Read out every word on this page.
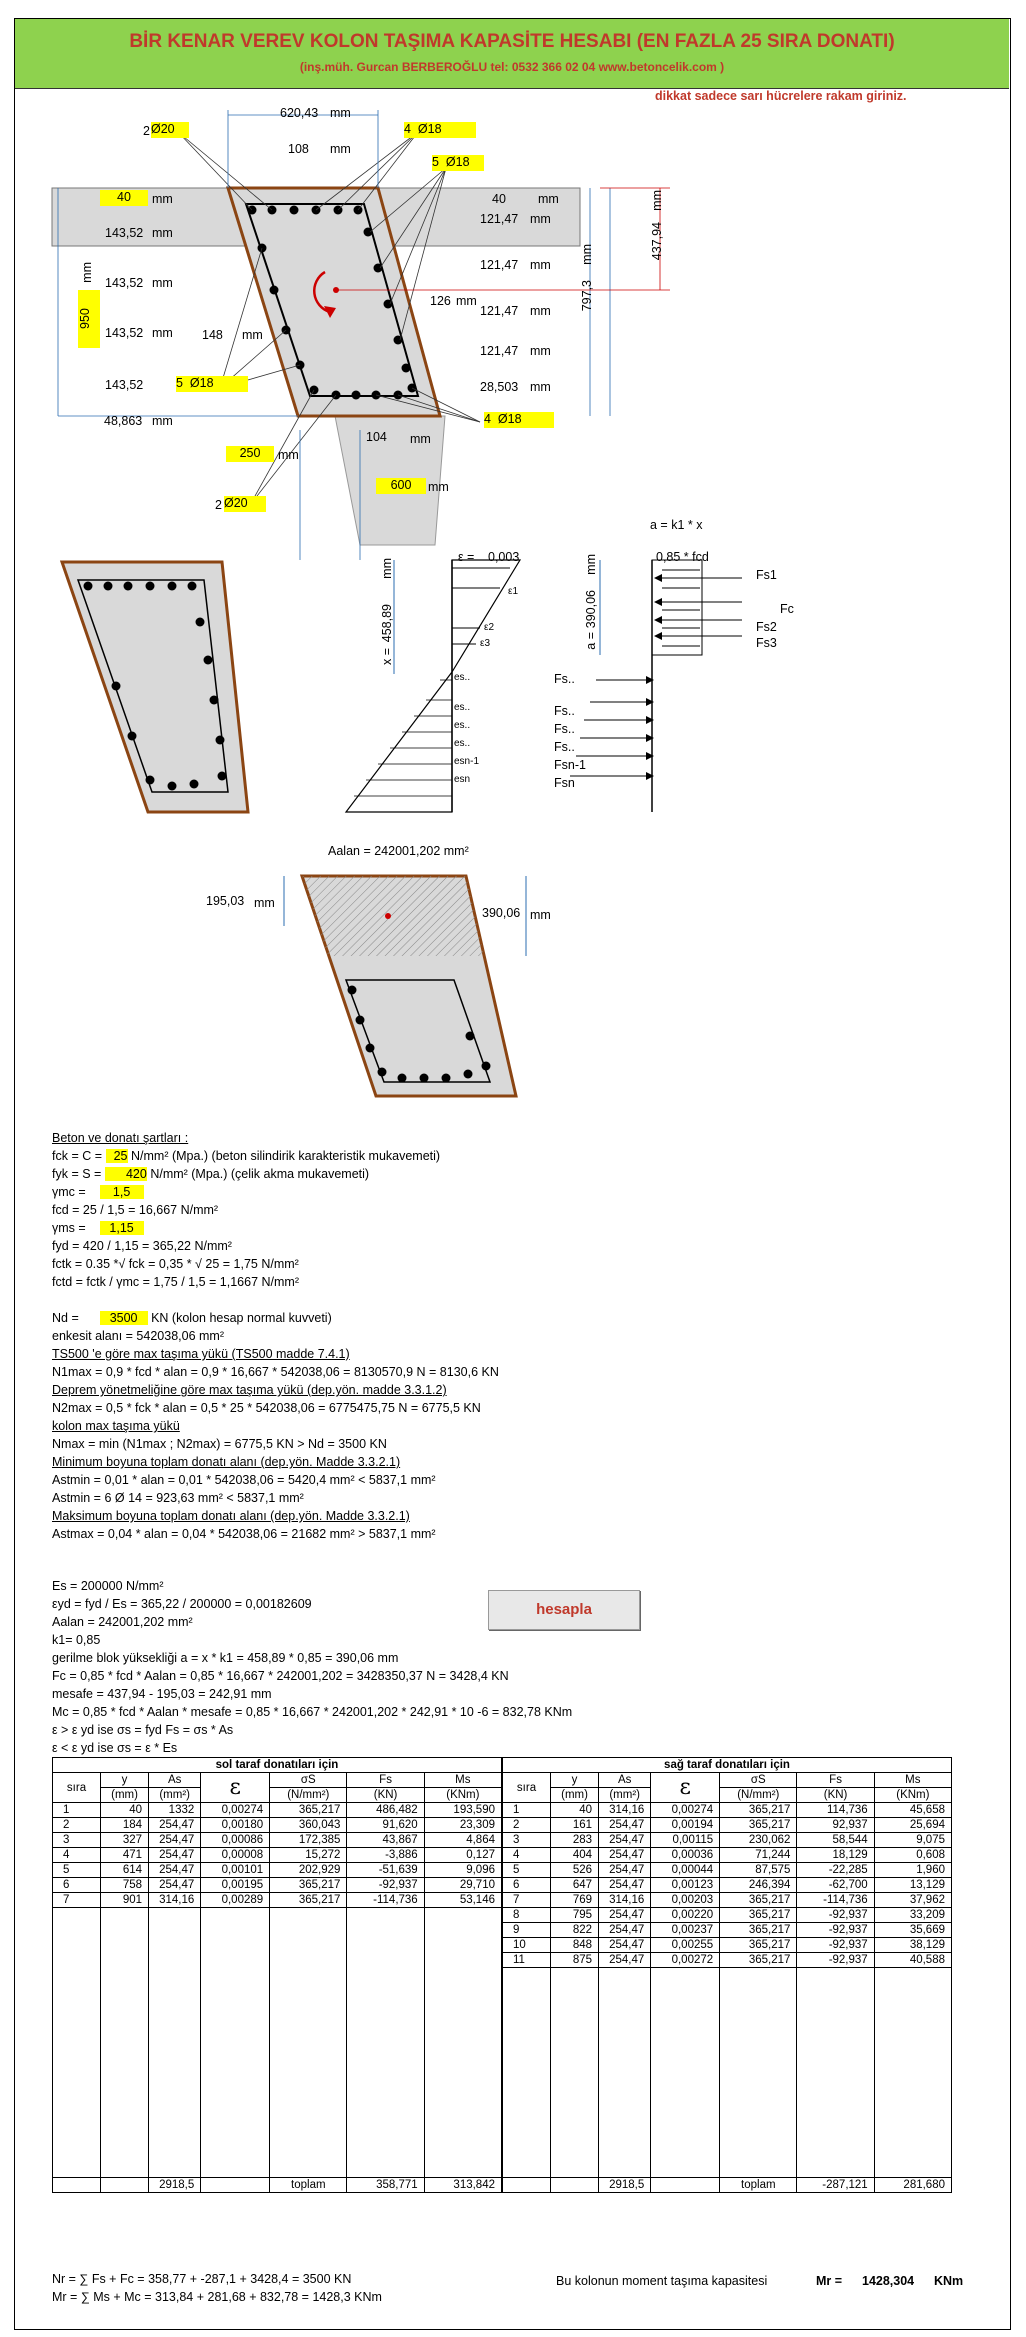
BİR KENAR VEREV KOLON TAŞIMA KAPASİTE HESABI (EN FAZLA 25 SIRA DONATI)
(inş.müh. Gurcan BERBEROĞLU tel: 0532 366 02 04 www.betoncelik.com )
dikkat sadece sarı hücrelere rakam giriniz.
2 Ø20
620,43 mm
108 mm
4 Ø18
5 Ø18
40	mm	40	mm
143,52 mm
143,52 mm
143,52 mm
143,52	5 Ø18
950
mm
148 mm
121,47 mm
121,47 mm
126 mm
121,47 mm
121,47 mm
28,503 mm
797,3
mm	437,94
mm
48,863 mm	4 Ø18
104 mm
250	mm
600	mm
2 Ø20
a = k1 * x
ε = 0,003
ε1
ε2
ε3
458,89
x =
mm
390,06
a =
mm	0,85 * fcd
Fs1
Fc
Fs2
Fs3
es..
es..
es..
es..
esn-1
esn
Fs..
Fs..
Fs..
Fs..
Fsn-1
Fsn
Aalan = 242001,202 mm²
195,03 mm
390,06 mm
Beton ve donatı şartları :
fck = C = 25 N/mm² (Mpa.) (beton silindirik karakteristik mukavemeti)
fyk = S = 420 N/mm² (Mpa.) (çelik akma mukavemeti)
γmc = 1,5
fcd = 25 / 1,5 = 16,667 N/mm²
γms = 1,15
fyd = 420 / 1,15 = 365,22 N/mm²
fctk = 0.35 *√ fck = 0,35 * √ 25 = 1,75 N/mm²
fctd = fctk / γmc = 1,75 / 1,5 = 1,1667 N/mm²
Nd = 3500 KN (kolon hesap normal kuvveti)
enkesit alanı = 542038,06 mm²
TS500 'e göre max taşıma yükü (TS500 madde 7.4.1)
N1max = 0,9 * fcd * alan = 0,9 * 16,667 * 542038,06 = 8130570,9 N = 8130,6 KN
Deprem yönetmeliğine göre max taşıma yükü (dep.yön. madde 3.3.1.2)
N2max = 0,5 * fck * alan = 0,5 * 25 * 542038,06 = 6775475,75 N = 6775,5 KN
kolon max taşıma yükü
Nmax = min (N1max ; N2max) = 6775,5 KN > Nd = 3500 KN
Minimum boyuna toplam donatı alanı (dep.yön. Madde 3.3.2.1)
Astmin = 0,01 * alan = 0,01 * 542038,06 = 5420,4 mm² < 5837,1 mm²
Astmin = 6 Ø 14 = 923,63 mm² < 5837,1 mm²
Maksimum boyuna toplam donatı alanı (dep.yön. Madde 3.3.2.1)
Astmax = 0,04 * alan = 0,04 * 542038,06 = 21682 mm² > 5837,1 mm²
Es = 200000 N/mm²
εyd = fyd / Es = 365,22 / 200000 = 0,00182609
Aalan = 242001,202 mm²
k1= 0,85
gerilme blok yüksekliği a = x * k1 = 458,89 * 0,85 = 390,06 mm
Fc = 0,85 * fcd * Aalan = 0,85 * 16,667 * 242001,202 = 3428350,37 N = 3428,4 KN
mesafe = 437,94 - 195,03 = 242,91 mm
Mc = 0,85 * fcd * Aalan * mesafe = 0,85 * 16,667 * 242001,202 * 242,91 * 10 -6 = 832,78 KNm
ε > ε yd ise σs = fyd Fs = σs * As
ε < ε yd ise σs = ε * Es
hesapla
sol taraf donatıları için						
sıra	y	As	ε	σS	Fs	Ms
	(mm)	(mm²)		(N/mm²)	(KN)	(KNm)
1	40	1332	0,00274	365,217	486,482	193,590
2	184	254,47	0,00180	360,043	91,620	23,309
3	327	254,47	0,00086	172,385	43,867	4,864
4	471	254,47	0,00008	15,272	-3,886	0,127
5	614	254,47	0,00101	202,929	-51,639	9,096
6	758	254,47	0,00195	365,217	-92,937	29,710
7	901	314,16	0,00289	365,217	-114,736	53,146

		2918,5		toplam	358,771	313,842
sağ taraf donatıları için						
sıra	y	As	ε	σS	Fs	Ms
	(mm)	(mm²)		(N/mm²)	(KN)	(KNm)
1	40	314,16	0,00274	365,217	114,736	45,658
2	161	254,47	0,00194	365,217	92,937	25,694
3	283	254,47	0,00115	230,062	58,544	9,075
4	404	254,47	0,00036	71,244	18,129	0,608
5	526	254,47	0,00044	87,575	-22,285	1,960
6	647	254,47	0,00123	246,394	-62,700	13,129
7	769	314,16	0,00203	365,217	-114,736	37,962
8	795	254,47	0,00220	365,217	-92,937	33,209
9	822	254,47	0,00237	365,217	-92,937	35,669
10	848	254,47	0,00255	365,217	-92,937	38,129
11	875	254,47	0,00272	365,217	-92,937	40,588

		2918,5		toplam	-287,121	281,680
Nr = ∑ Fs + Fc = 358,77 + -287,1 + 3428,4 = 3500 KN
Mr = ∑ Ms + Mc = 313,84 + 281,68 + 832,78 = 1428,3 KNm
Bu kolonun moment taşıma kapasitesi	Mr = 1428,304 KNm
